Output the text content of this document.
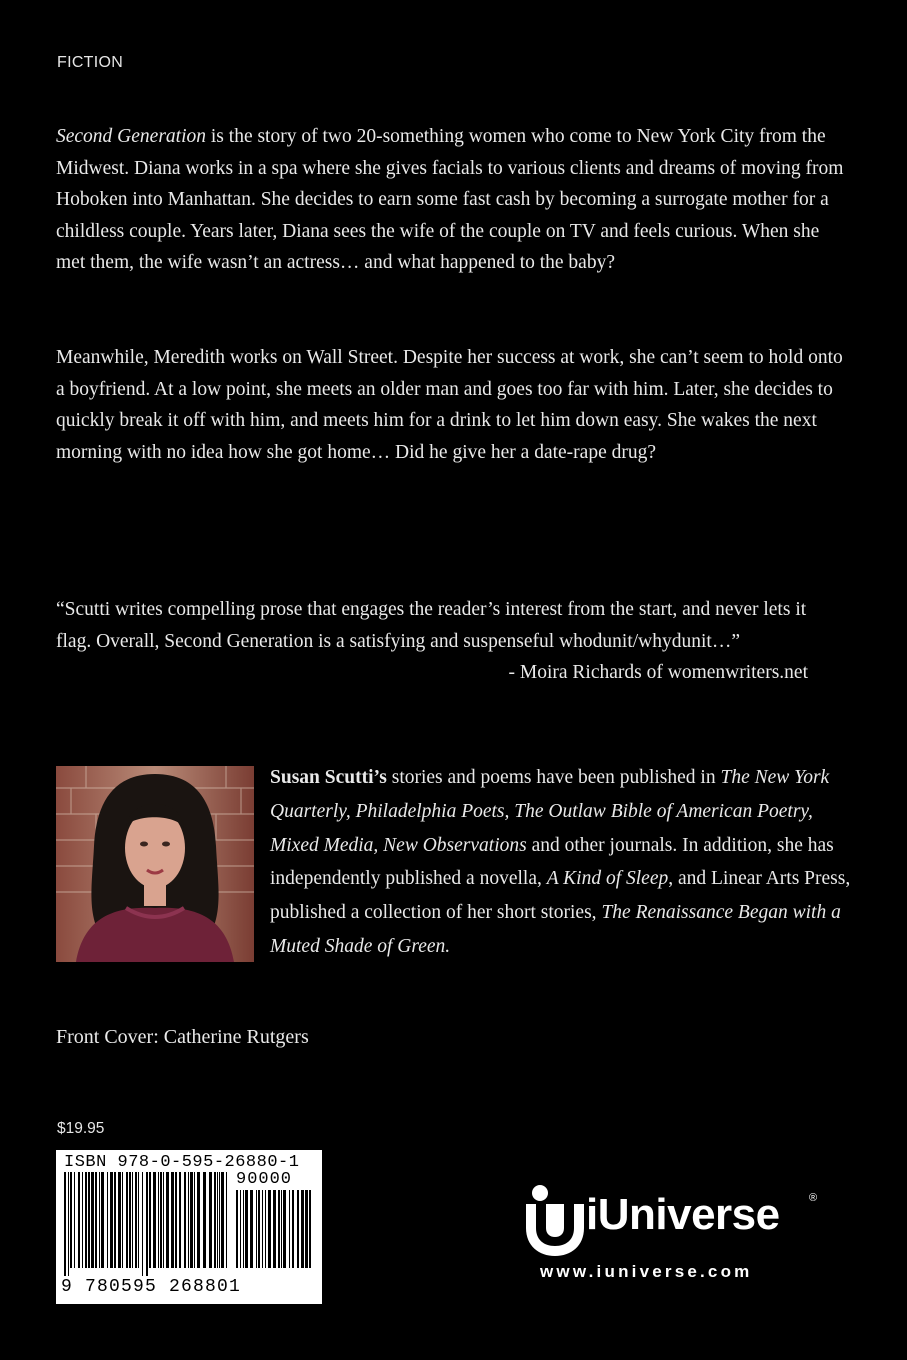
FICTION

Second Generation is the story of two 20-something women who come to New York City from the Midwest. Diana works in a spa where she gives facials to various clients and dreams of moving from Hoboken into Manhattan. She decides to earn some fast cash by becoming a surrogate mother for a childless couple. Years later, Diana sees the wife of the couple on TV and feels curious. When she met them, the wife wasn’t an actress… and what happened to the baby?

Meanwhile, Meredith works on Wall Street. Despite her success at work, she can’t seem to hold onto a boyfriend. At a low point, she meets an older man and goes too far with him. Later, she decides to quickly break it off with him, and meets him for a drink to let him down easy. She wakes the next morning with no idea how she got home… Did he give her a date-rape drug?

“Scutti writes compelling prose that engages the reader’s interest from the start, and never lets it flag. Overall, Second Generation is a satisfying and suspenseful whodunit/whydunit…”
- Moira Richards of womenwriters.net
Susan Scutti’s stories and poems have been published in The New York Quarterly, Philadelphia Poets, The Outlaw Bible of American Poetry, Mixed Media, New Observations and other journals. In addition, she has independently published a novella, A Kind of Sleep, and Linear Arts Press, published a collection of her short stories, The Renaissance Began with a Muted Shade of Green.
Front Cover: Catherine Rutgers
$19.95
ISBN 978-0-595-26880-1
9 780595 268801
90000
iUniverse	®
www.iuniverse.com
